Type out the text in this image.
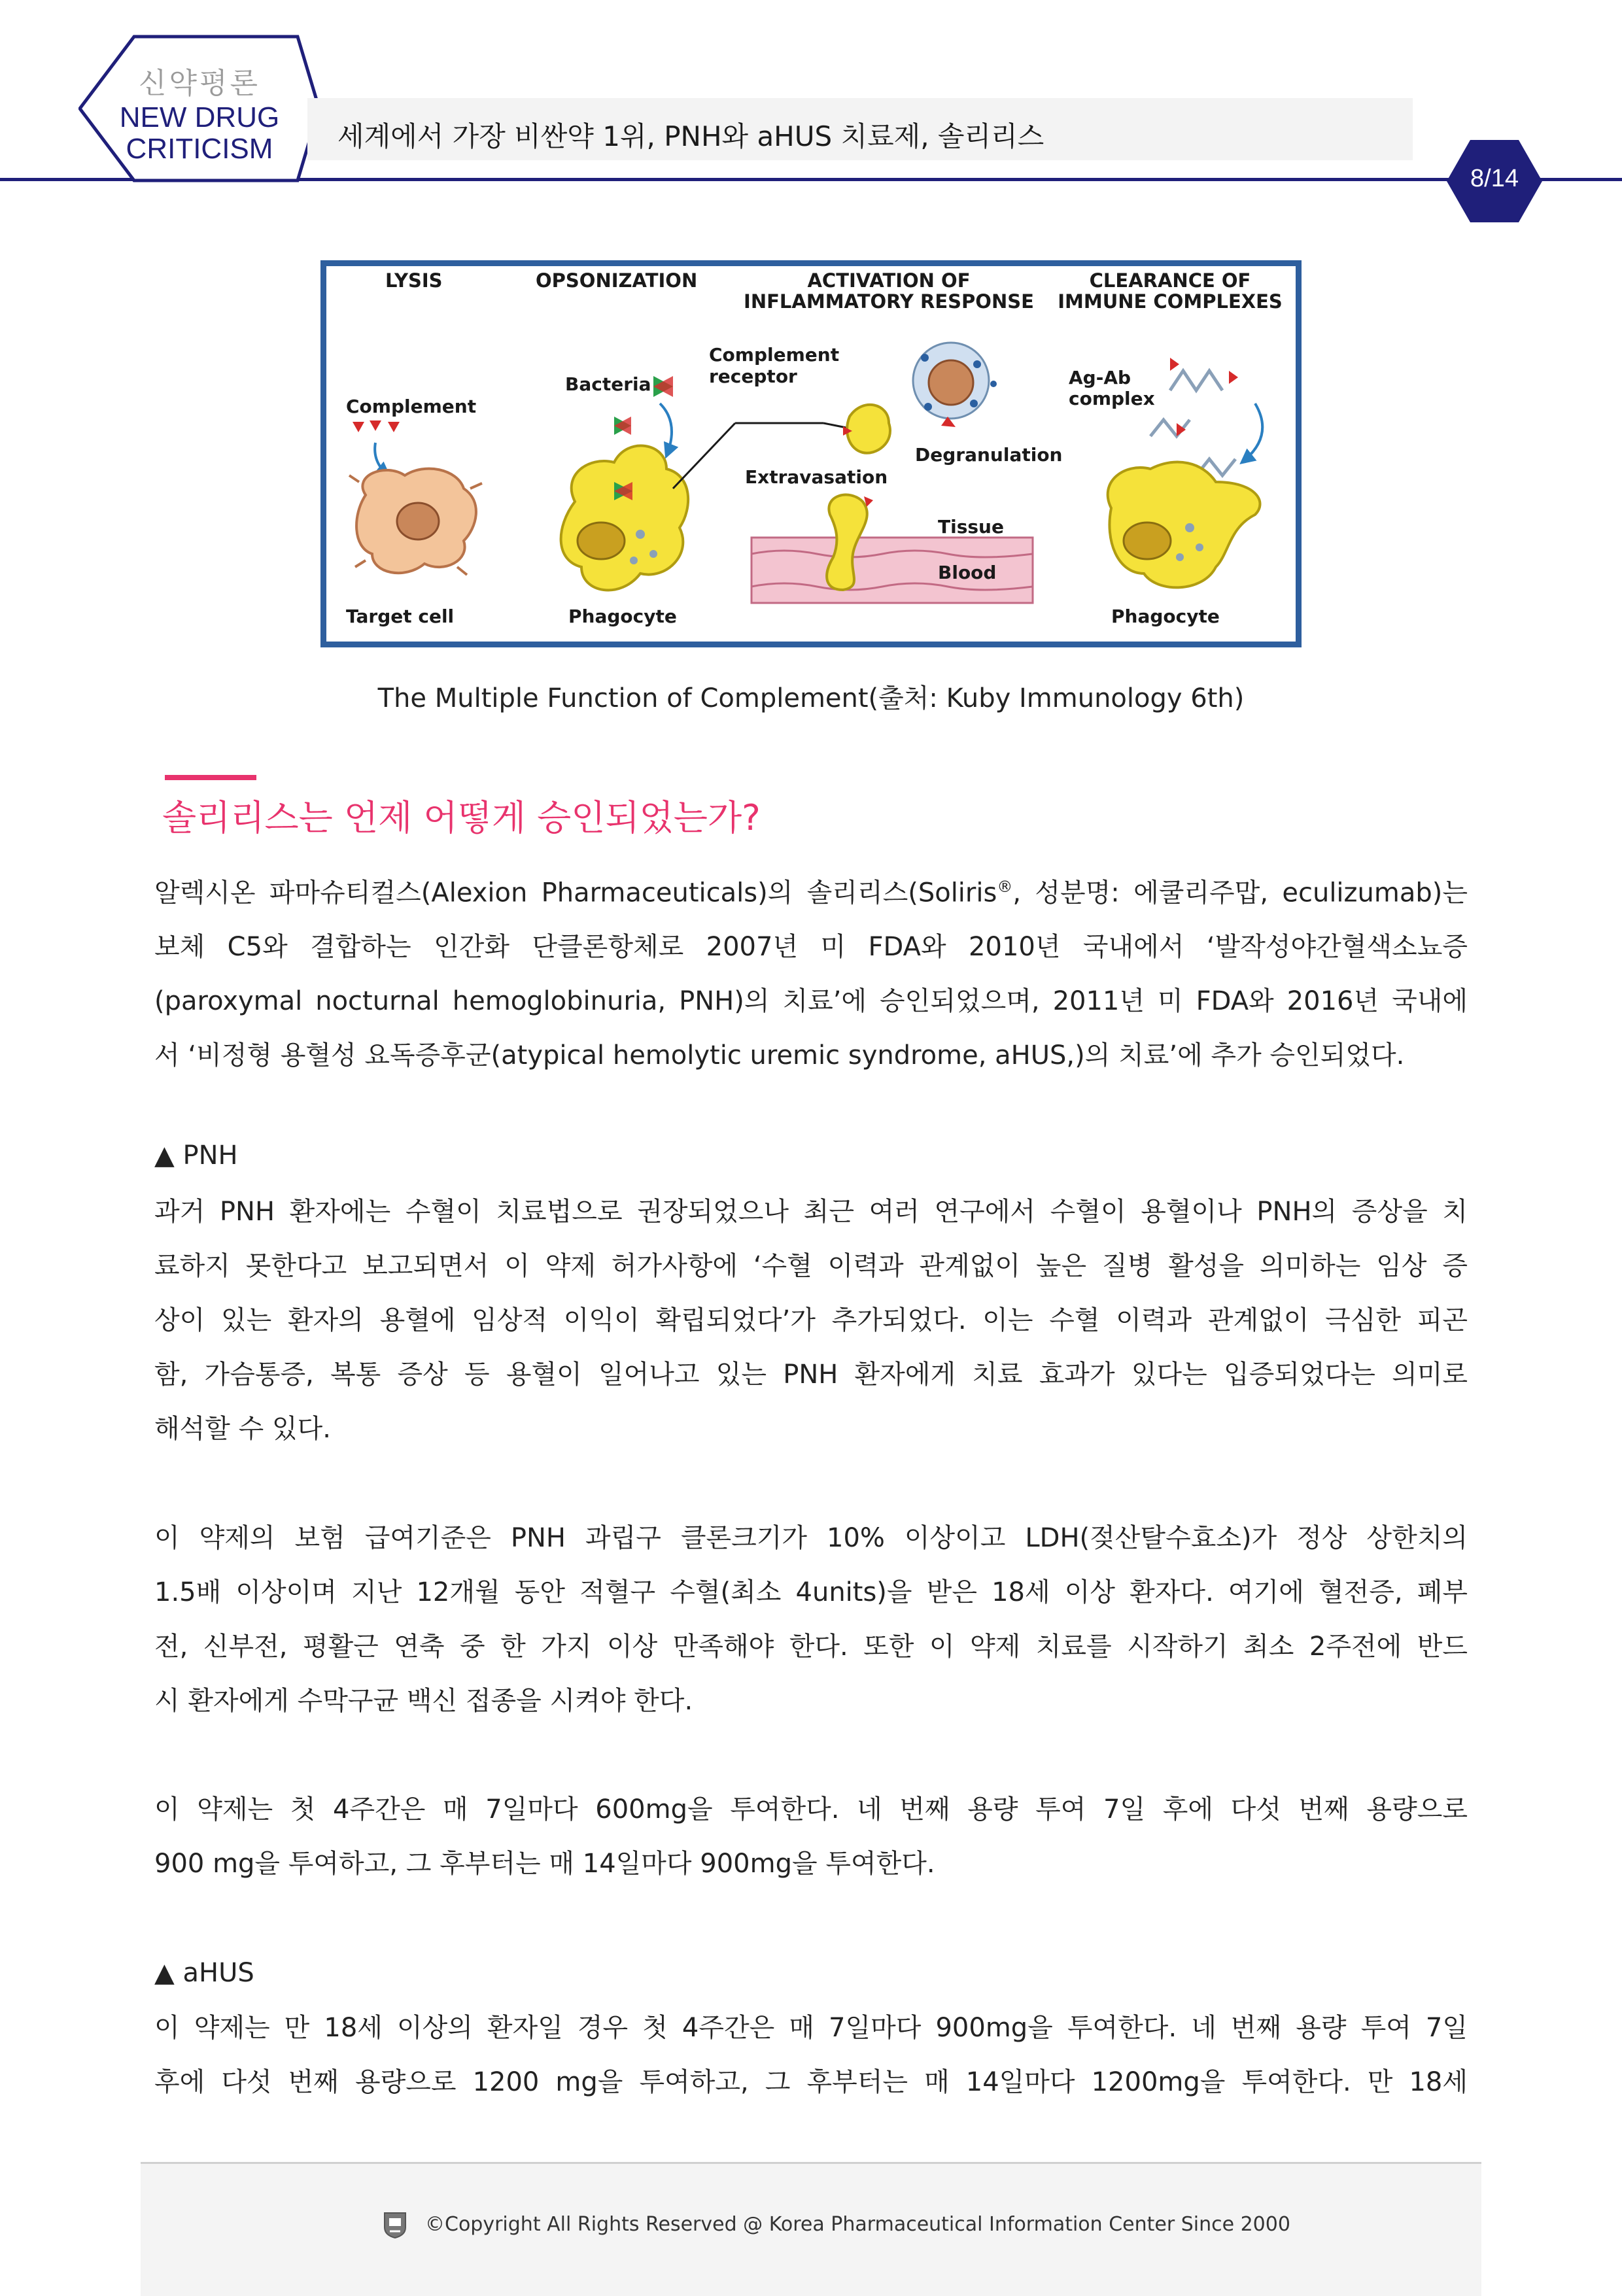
신약평론
NEW DRUG
CRITICISM 세계에서 가장 비싼약 1위, PNH와 aHUS 치료제, 솔리리스
8/14
LYSIS	OPSONIZATION	ACTIVATION OF
INFLAMMATORY RESPONSE
CLEARANCE OF
IMMUNE COMPLEXES
Complement
Target cell
Bacteria
Phagocyte
Complement
receptor
Extravasation
Degranulation
Tissue
Blood
Ag-Ab
complex
Phagocyte
The Multiple Function of Complement(출처: Kuby Immunology 6th)
솔리리스는 언제 어떻게 승인되었는가?
알렉시온 파마슈티컬스(Alexion Pharmaceuticals)의 솔리리스(Soliris®, 성분명: 에쿨리주맙, eculizumab)는
보체 C5와 결합하는 인간화 단클론항체로 2007년 미 FDA와 2010년 국내에서 ‘발작성야간혈색소뇨증
(paroxymal nocturnal hemoglobinuria, PNH)의 치료’에 승인되었으며, 2011년 미 FDA와 2016년 국내에
서 ‘비정형 용혈성 요독증후군(atypical hemolytic uremic syndrome, aHUS,)의 치료’에 추가 승인되었다.
▲ PNH
과거 PNH 환자에는 수혈이 치료법으로 권장되었으나 최근 여러 연구에서 수혈이 용혈이나 PNH의 증상을 치
료하지 못한다고 보고되면서 이 약제 허가사항에 ‘수혈 이력과 관계없이 높은 질병 활성을 의미하는 임상 증
상이 있는 환자의 용혈에 임상적 이익이 확립되었다’가 추가되었다. 이는 수혈 이력과 관계없이 극심한 피곤
함, 가슴통증, 복통 증상 등 용혈이 일어나고 있는 PNH 환자에게 치료 효과가 있다는 입증되었다는 의미로
해석할 수 있다.
이 약제의 보험 급여기준은 PNH 과립구 클론크기가 10% 이상이고 LDH(젖산탈수효소)가 정상 상한치의
1.5배 이상이며 지난 12개월 동안 적혈구 수혈(최소 4units)을 받은 18세 이상 환자다. 여기에 혈전증, 폐부
전, 신부전, 평활근 연축 중 한 가지 이상 만족해야 한다. 또한 이 약제 치료를 시작하기 최소 2주전에 반드
시 환자에게 수막구균 백신 접종을 시켜야 한다.
이 약제는 첫 4주간은 매 7일마다 600mg을 투여한다. 네 번째 용량 투여 7일 후에 다섯 번째 용량으로
900 mg을 투여하고, 그 후부터는 매 14일마다 900mg을 투여한다.
▲ aHUS
이 약제는 만 18세 이상의 환자일 경우 첫 4주간은 매 7일마다 900mg을 투여한다. 네 번째 용량 투여 7일
후에 다섯 번째 용량으로 1200 mg을 투여하고, 그 후부터는 매 14일마다 1200mg을 투여한다. 만 18세
©Copyright All Rights Reserved @ Korea Pharmaceutical Information Center Since 2000
